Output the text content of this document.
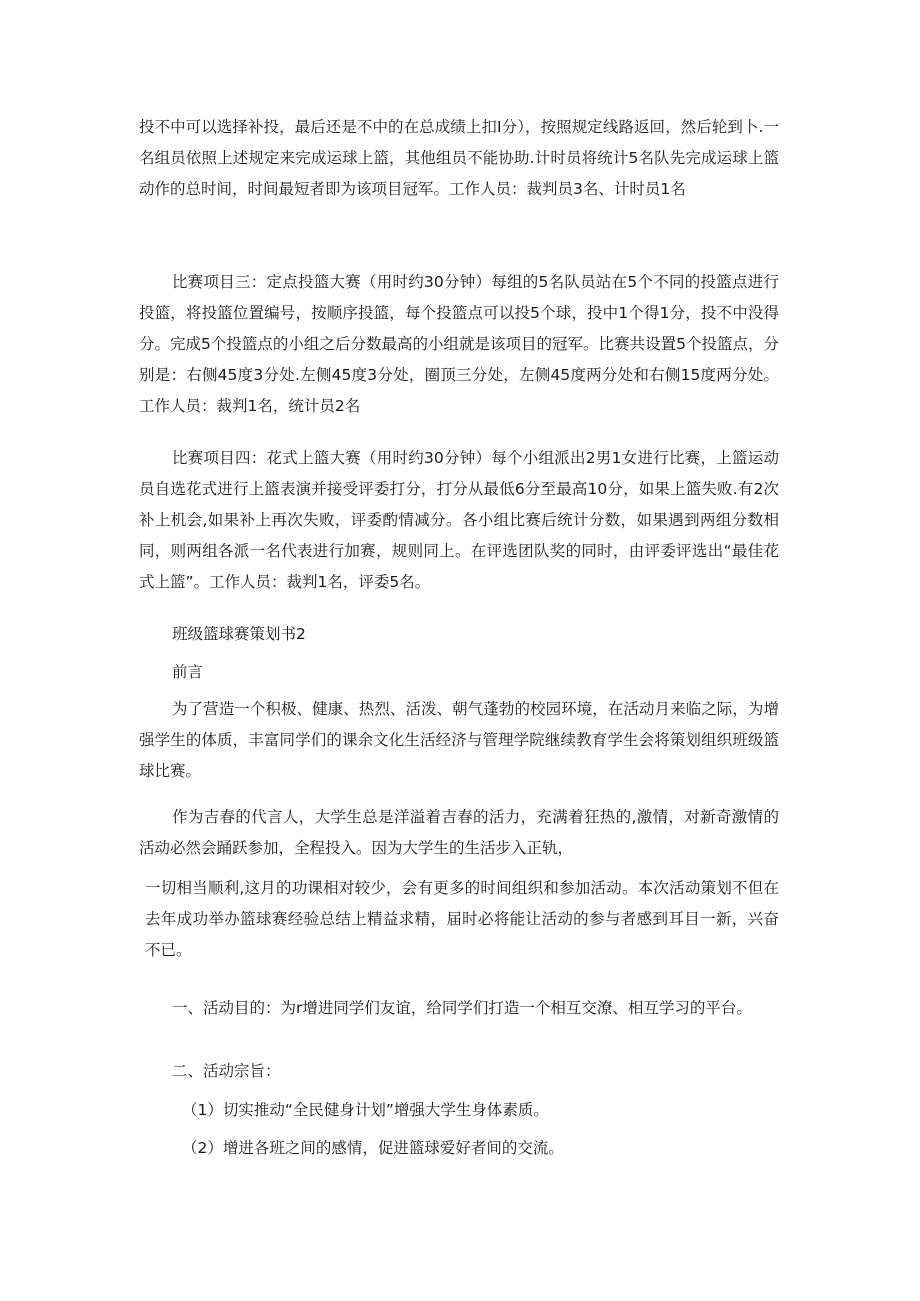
投不中可以选择补投，最后还是不中的在总成绩上扣I分），按照规定线路返回，然后轮到卜.一名组员依照上述规定来完成运球上篮，其他组员不能协助.计时员将统计5名队先完成运球上篮动作的总时间，时间最短者即为该项目冠军。工作人员：裁判员3名、计时员1名

比赛项目三：定点投篮大赛（用时约30分钟）每组的5名队员站在5个不同的投篮点进行投篮，将投篮位置编号，按顺序投篮，每个投篮点可以投5个球，投中1个得1分，投不中没得分。完成5个投篮点的小组之后分数最高的小组就是该项目的冠军。比赛共设置5个投篮点，分别是：右侧45度3分处.左侧45度3分处，圈顶三分处，左侧45度两分处和右侧15度两分处。工作人员：裁判1名，统计员2名

比赛项目四：花式上篮大赛（用时约30分钟）每个小组派出2男1女进行比赛，上篮运动员自选花式进行上篮表演并接受评委打分，打分从最低6分至最高10分，如果上篮失败.有2次补上机会,如果补上再次失败，评委酌情减分。各小组比赛后统计分数，如果遇到两组分数相同，则两组各派一名代表进行加赛，规则同上。在评选团队奖的同时，由评委评选出“最佳花式上篮”。工作人员：裁判1名，评委5名。

班级篮球赛策划书2
前言

为了营造一个积极、健康、热烈、活泼、朝气蓬勃的校园环境，在活动月来临之际，为增强学生的体质，丰富同学们的课余文化生活经济与管理学院继续教育学生会将策划组织班级篮球比赛。

作为吉春的代言人，大学生总是洋溢着吉春的活力，充满着狂热的,激情，对新奇激情的活动必然会踊跃参加，全程投入。因为大学生的生活步入正轨，

一切相当顺利,这月的功课相对较少，会有更多的时间组织和参加活动。本次活动策划不但在去年成功举办篮球赛经验总结上精益求精，届时必将能让活动的参与者感到耳目一新，兴奋不已。

一、活动目的：为r增进同学们友谊，给同学们打造一个相互交潦、相互学习的平台。

二、活动宗旨：
（1）切实推动“全民健身计划”增强大学生身体素质。
（2）增进各班之间的感情，促进篮球爱好者间的交流。
